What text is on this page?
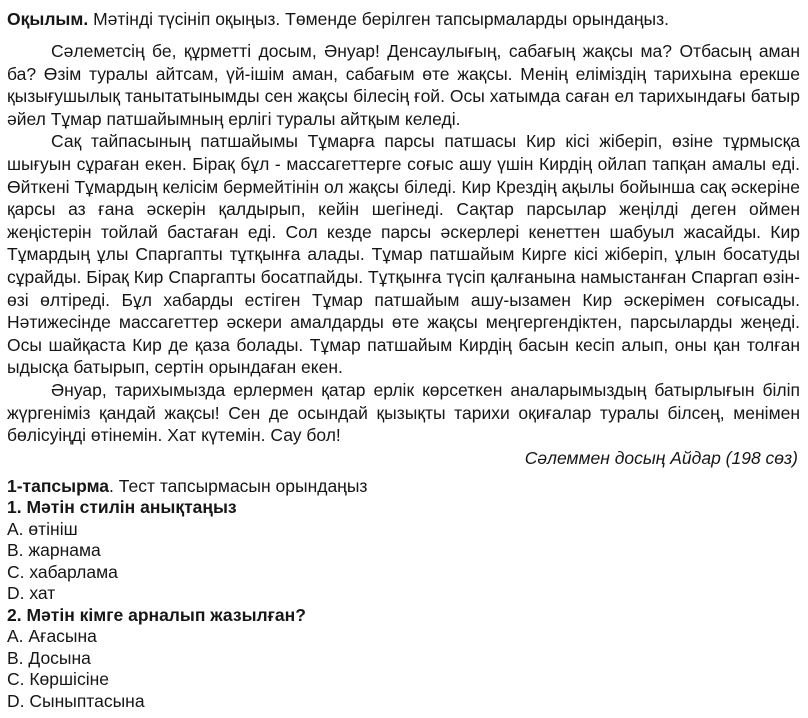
Оқылым. Мәтінді түсініп оқыңыз. Төменде берілген тапсырмаларды орындаңыз.

Сәлеметсің бе, құрметті досым, Әнуар! Денсаулығың, сабағың жақсы ма? Отбасың аман ба? Өзім туралы айтсам, үй-ішім аман, сабағым өте жақсы. Менің еліміздің тарихына ерекше қызығушылық танытатынымды сен жақсы білесің ғой. Осы хатымда саған ел тарихындағы батыр әйел Тұмар патшайымның ерлігі туралы айтқым келеді.

Сақ тайпасының патшайымы Тұмарға парсы патшасы Кир кісі жіберіп, өзіне тұрмысқа шығуын сұраған екен. Бірақ бұл - массагеттерге соғыс ашу үшін Кирдің ойлап тапқан амалы еді. Өйткені Тұмардың келісім бермейтінін ол жақсы біледі. Кир Крездің ақылы бойынша сақ әскеріне қарсы аз ғана әскерін қалдырып, кейін шегінеді. Сақтар парсылар жеңілді деген оймен жеңістерін тойлай бастаған еді. Сол кезде парсы әскерлері кенеттен шабуыл жасайды. Кир Тұмардың ұлы Спаргапты тұтқынға алады. Тұмар патшайым Кирге кісі жіберіп, ұлын босатуды сұрайды. Бірақ Кир Спаргапты босатпайды. Тұтқынға түсіп қалғанына намыстанған Спаргап өзін-өзі өлтіреді. Бұл хабарды естіген Тұмар патшайым ашу-ызамен Кир әскерімен соғысады. Нәтижесінде массагеттер әскери амалдарды өте жақсы меңгергендіктен, парсыларды жеңеді. Осы шайқаста Кир де қаза болады. Тұмар патшайым Кирдің басын кесіп алып, оны қан толған ыдысқа батырып, сертін орындаған екен.

Әнуар, тарихымызда ерлермен қатар ерлік көрсеткен аналарымыздың батырлығын біліп жүргеніміз қандай жақсы! Сен де осындай қызықты тарихи оқиғалар туралы білсең, менімен бөлісуіңді өтінемін. Хат күтемін. Сау бол!

Сәлеммен досың Айдар (198 сөз)

1-тапсырма. Тест тапсырмасын орындаңыз

1. Мәтін стилін анықтаңыз

A. өтініш

B. жарнама

C. хабарлама

D. хат

2. Мәтін кімге арналып жазылған?

A. Ағасына

B. Досына

C. Көршісіне

D. Сыныптасына
